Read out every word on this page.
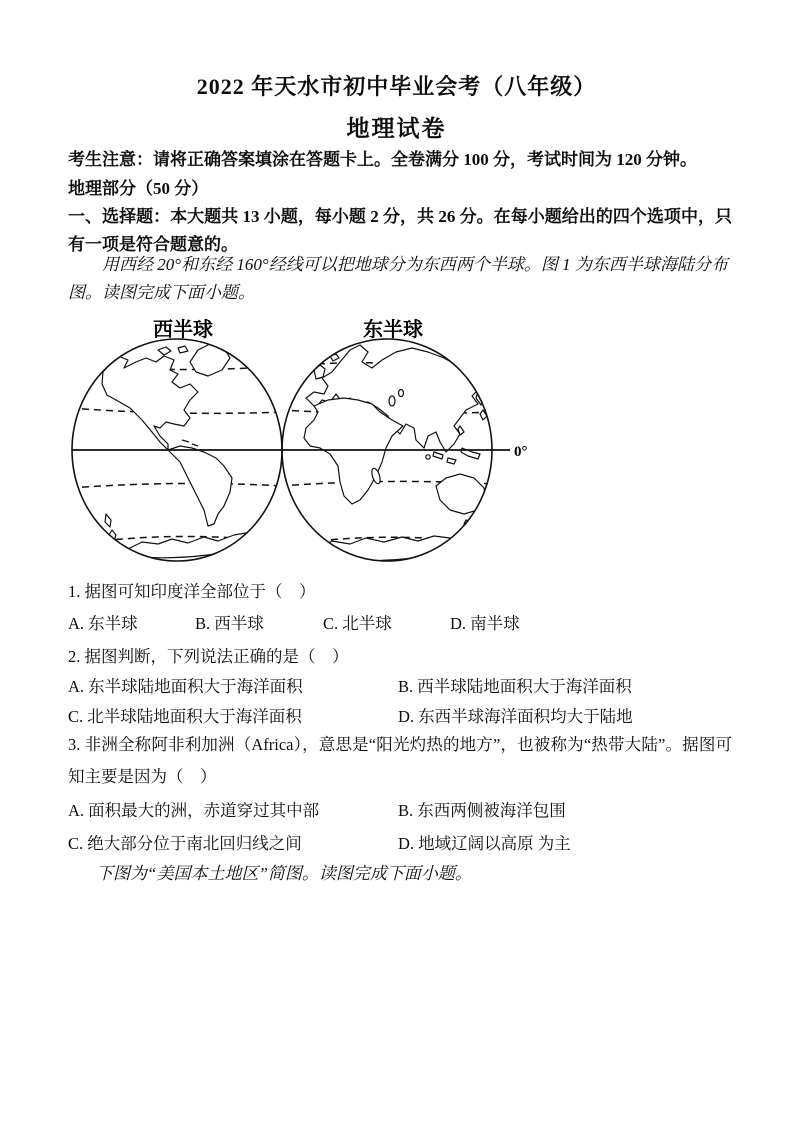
2022 年天水市初中毕业会考（八年级）
地理试卷
考生注意：请将正确答案填涂在答题卡上。全卷满分 100 分，考试时间为 120 分钟。
地理部分（50 分）
一、选择题：本大题共 13 小题，每小题 2 分，共 26 分。在每小题给出的四个选项中，只有一项是符合题意的。
用西经 20°和东经 160°经线可以把地球分为东西两个半球。图 1 为东西半球海陆分布图。读图完成下面小题。
西半球	东半球
0°
1. 据图可知印度洋全部位于（　）
A. 东半球	B. 西半球	C. 北半球	D. 南半球
2. 据图判断，下列说法正确的是（　）
A. 东半球陆地面积大于海洋面积	B. 西半球陆地面积大于海洋面积
C. 北半球陆地面积大于海洋面积	D. 东西半球海洋面积均大于陆地
3. 非洲全称阿非利加洲（Africa），意思是“阳光灼热的地方”，也被称为“热带大陆”。据图可知主要是因为（　）
A. 面积最大的洲，赤道穿过其中部	B. 东西两侧被海洋包围
C. 绝大部分位于南北回归线之间	D. 地域辽阔以高原 为主
下图为“美国本土地区”简图。读图完成下面小题。
